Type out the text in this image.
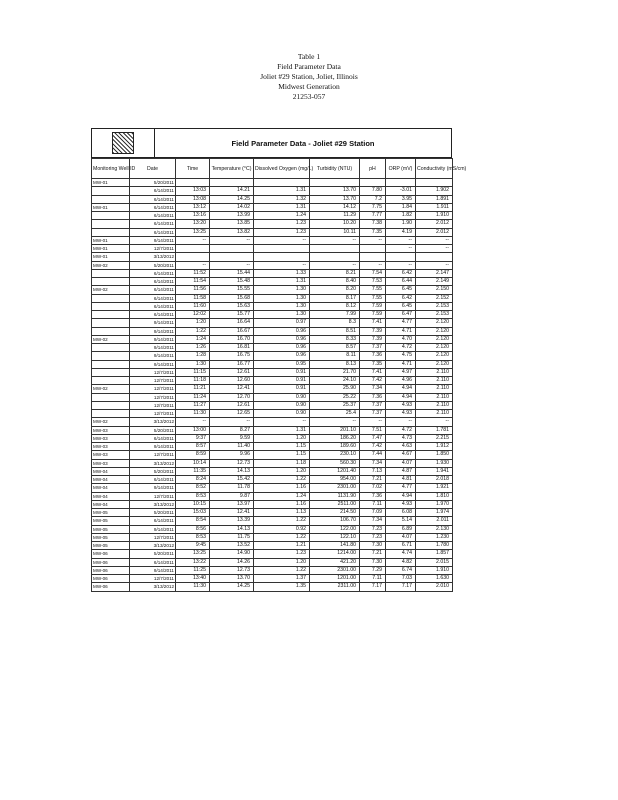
Table 1
Field Parameter Data
Joliet #29 Station, Joliet, Illinois
Midwest Generation
21253-057
Field Parameter Data - Joliet #29 Station
Monitoring Well ID	Date	Time	Temperature (°C)	Dissolved Oxygen (mg/L)	Turbidity (NTU)	pH	ORP (mV)	Conductivity (mS/cm)
MW-01	5/20/2011							
	6/14/2011	13:03	14.21	1.31	13.70	7.80	-3.01	1.902
	6/14/2011	13:08	14.25	1.32	13.70	7.2	3.95	1.891
MW-01	6/14/2011	13:12	14.02	1.31	14.12	7.75	1.84	1.911
	6/14/2011	13:16	13.99	1.24	11.29	7.77	1.82	1.910
	6/14/2011	13:20	13.85	1.23	10.20	7.38	1.90	2.012
	6/14/2011	13:25	13.82	1.23	10.11	7.35	4.19	2.012
MW-01	9/14/2011	--	--	--	--	--	--	--
MW-01	12/7/2011						--	--
MW-01	3/13/2012							
MW-02	5/20/2011	--	--	--	--	--	--	--
	6/14/2011	11:52	15.44	1.33	8.21	7.54	6.42	2.147
	6/14/2011	11:54	15.48	1.31	8.40	7.53	6.44	2.149
MW-02	6/14/2011	11:56	15.55	1.30	8.20	7.55	6.45	2.150
	6/14/2011	11:58	15.68	1.30	8.17	7.55	6.42	2.152
	6/14/2011	11:60	15.63	1.30	8.12	7.59	6.45	2.153
	6/14/2011	12:02	15.77	1.30	7.99	7.59	6.47	2.153
	9/14/2011	1:20	16.64	0.97	8.3	7.41	4.77	2.120
	9/14/2011	1:22	16.67	0.96	8.51	7.39	4.71	2.120
MW-02	9/14/2011	1:24	16.70	0.96	8.33	7.39	4.70	2.120
	9/14/2011	1:26	16.81	0.96	8.57	7.37	4.72	2.120
	9/14/2011	1:28	16.75	0.96	8.11	7.36	4.75	2.120
	9/14/2011	1:30	16.77	0.95	8.13	7.35	4.71	2.120
	12/7/2011	11:15	12.61	0.91	21.70	7.41	4.97	2.110
	12/7/2011	11:18	12.60	0.91	24.10	7.42	4.96	2.110
MW-02	12/7/2011	11:21	12.41	0.91	25.90	7.34	4.94	2.110
	12/7/2011	11:24	12.70	0.90	25.22	7.36	4.94	2.110
	12/7/2011	11:27	12.61	0.90	25.37	7.37	4.93	2.110
	12/7/2011	11:30	12.65	0.90	25.4	7.37	4.93	2.110
MW-02	3/13/2012	--	--	--	--	--	--	--
MW-03	5/20/2011	13:00	8.27	1.31	201.10	7.51	4.72	1.781
MW-03	6/14/2011	9:37	9.59	1.20	186.20	7.47	4.73	2.215
MW-03	9/14/2011	8:57	11.40	1.15	189.60	7.42	4.63	1.912
MW-03	12/7/2011	8:59	9.96	1.15	230.10	7.44	4.67	1.850
MW-03	3/13/2012	10:14	12.73	1.18	560.30	7.34	4.07	1.930
MW-04	5/20/2011	11:35	14.13	1.20	1201.40	7.13	4.87	1.941
MW-04	6/14/2011	8:24	15.42	1.22	954.00	7.21	4.81	2.018
MW-04	9/14/2011	8:52	11.78	1.16	2301.00	7.02	4.77	1.921
MW-04	12/7/2011	8:53	9.87	1.24	1131.90	7.36	4.94	1.810
MW-04	3/13/2012	10:15	13.97	1.16	2511.00	7.11	4.93	1.970
MW-05	5/20/2011	15:03	12.41	1.13	214.50	7.09	6.08	1.974
MW-05	6/14/2011	8:54	13.39	1.22	106.70	7.34	5.14	2.011
MW-05	9/14/2011	8:56	14.13	0.92	122.00	7.23	6.89	2.130
MW-05	12/7/2011	8:53	11.75	1.22	122.10	7.23	4.07	1.230
MW-05	3/13/2012	9:45	13.52	1.21	141.80	7.30	6.71	1.780
MW-06	5/20/2011	13:25	14.90	1.23	1214.00	7.21	4.74	1.857
MW-06	6/14/2011	13:22	14.26	1.20	421.20	7.30	4.82	2.015
MW-06	9/14/2011	11:25	12.73	1.22	2301.00	7.29	6.74	1.910
MW-06	12/7/2011	13:40	13.70	1.37	1201.00	7.11	7.03	1.630
MW-06	3/13/2012	11:30	14.25	1.35	2311.00	7.17	7.17	2.010
